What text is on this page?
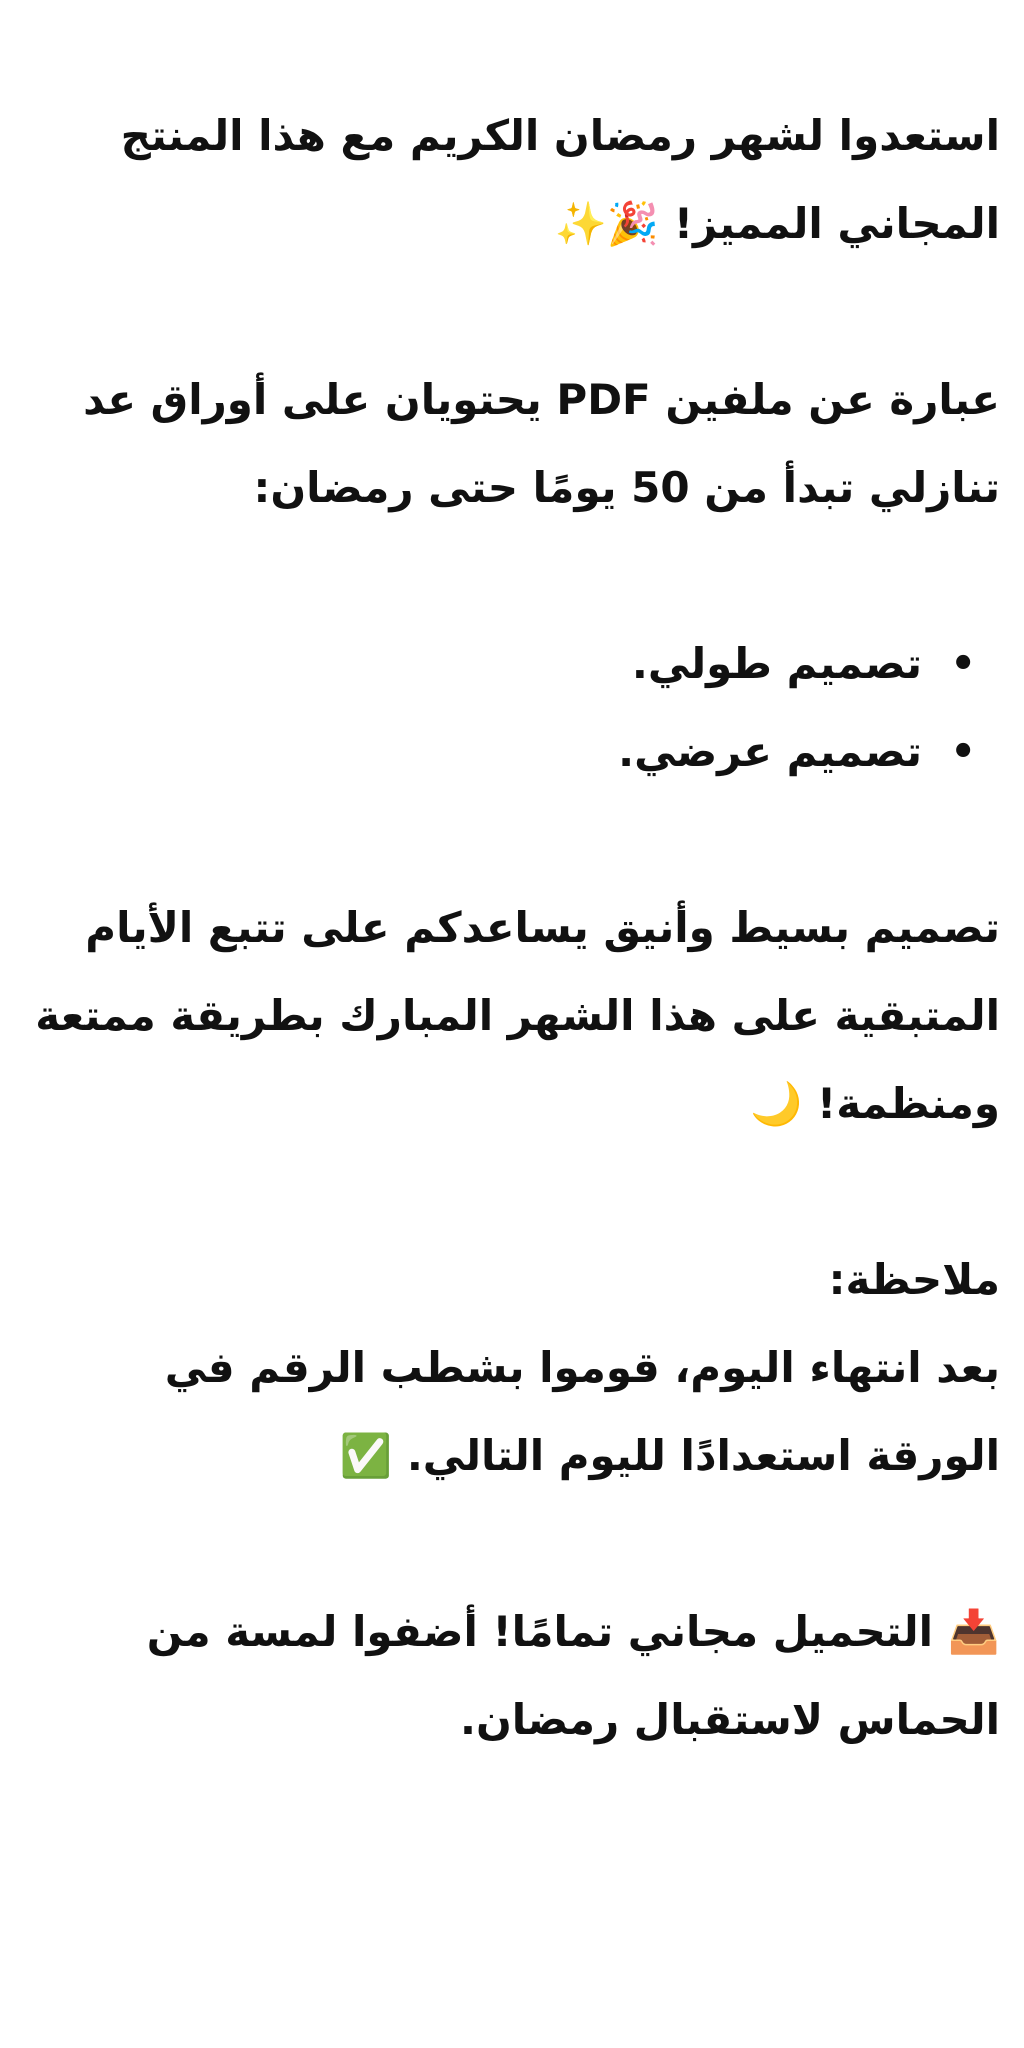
استعدوا لشهر رمضان الكريم مع هذا المنتج المجاني المميز! 🎉✨

عبارة عن ملفين PDF يحتويان على أوراق عد تنازلي تبدأ من 50 يومًا حتى رمضان:

•
تصميم طولي.
•
تصميم عرضي.

تصميم بسيط وأنيق يساعدكم على تتبع الأيام المتبقية على هذا الشهر المبارك بطريقة ممتعة ومنظمة! 🌙

ملاحظة:
بعد انتهاء اليوم، قوموا بشطب الرقم في الورقة استعدادًا لليوم التالي. ✅

📥 التحميل مجاني تمامًا! أضفوا لمسة من الحماس لاستقبال رمضان.
